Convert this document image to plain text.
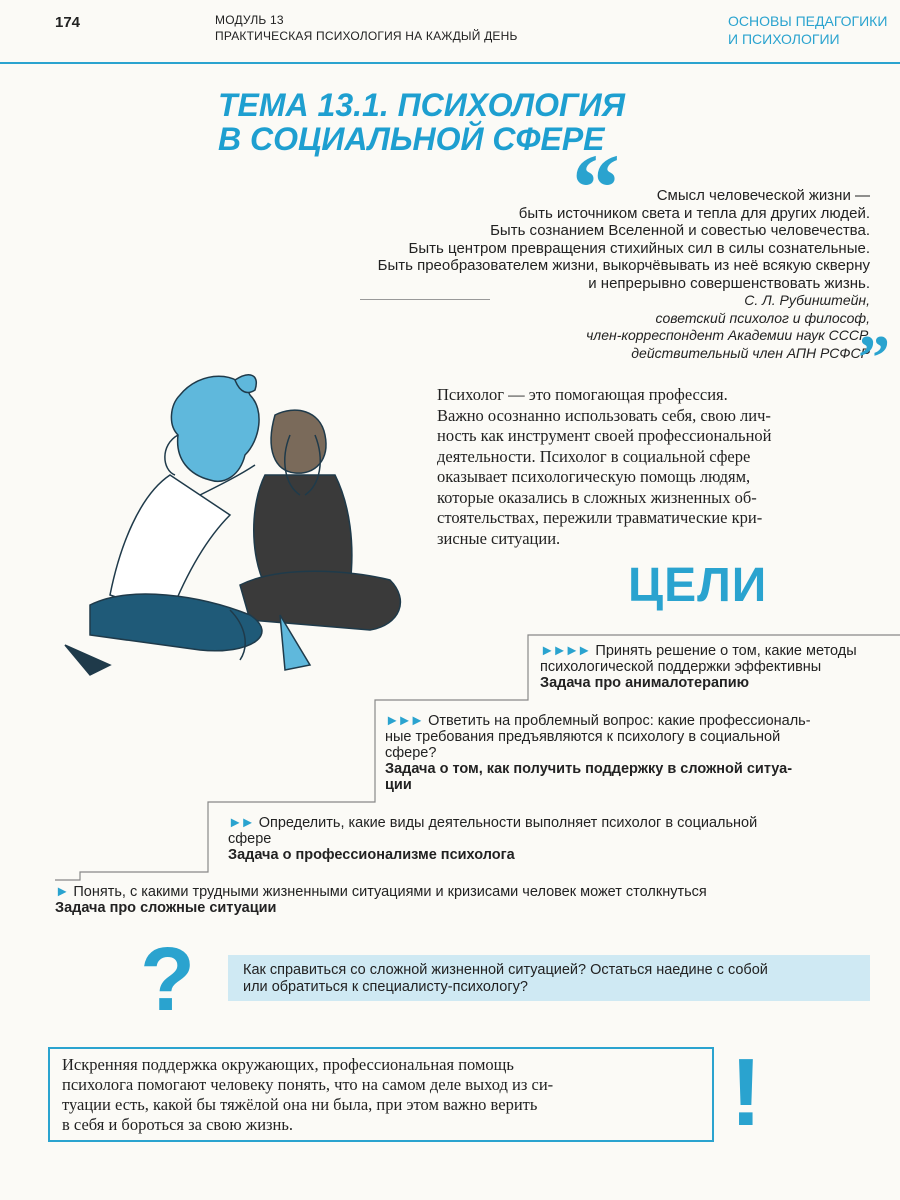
174	МОДУЛЬ 13
ПРАКТИЧЕСКАЯ ПСИХОЛОГИЯ НА КАЖДЫЙ ДЕНЬ
ОСНОВЫ ПЕДАГОГИКИ
И ПСИХОЛОГИИ
ТЕМА 13.1. ПСИХОЛОГИЯ
В СОЦИАЛЬНОЙ СФЕРЕ
“	Смысл человеческой жизни —
быть источником света и тепла для других людей.
Быть сознанием Вселенной и совестью человечества.
Быть центром превращения стихийных сил в силы сознательные.
Быть преобразователем жизни, выкорчёвывать из неё всякую скверну
и непрерывно совершенствовать жизнь.
С. Л. Рубинштейн,
советский психолог и философ,
член-корреспондент Академии наук СССР,
действительный член АПН РСФСР
”
Психолог — это помогающая профессия.
Важно осознанно использовать себя, свою лич-
ность как инструмент своей профессиональной
деятельности. Психолог в социальной сфере
оказывает психологическую помощь людям,
которые оказались в сложных жизненных об-
стоятельствах, пережили травматические кри-
зисные ситуации.
ЦЕЛИ
►►►► Принять решение о том, какие методы
психологической поддержки эффективны
Задача про анималотерапию
►►► Ответить на проблемный вопрос: какие профессиональ-
ные требования предъявляются к психологу в социальной
сфере?
Задача о том, как получить поддержку в сложной ситуа-
ции
►► Определить, какие виды деятельности выполняет психолог в социальной
сфере
Задача о профессионализме психолога
► Понять, с какими трудными жизненными ситуациями и кризисами человек может столкнуться
Задача про сложные ситуации
?	Как справиться со сложной жизненной ситуацией? Остаться наедине с собой
или обратиться к специалисту-психологу?
Искренняя поддержка окружающих, профессиональная помощь
психолога помогают человеку понять, что на самом деле выход из си-
туации есть, какой бы тяжёлой она ни была, при этом важно верить
в себя и бороться за свою жизнь.	!
